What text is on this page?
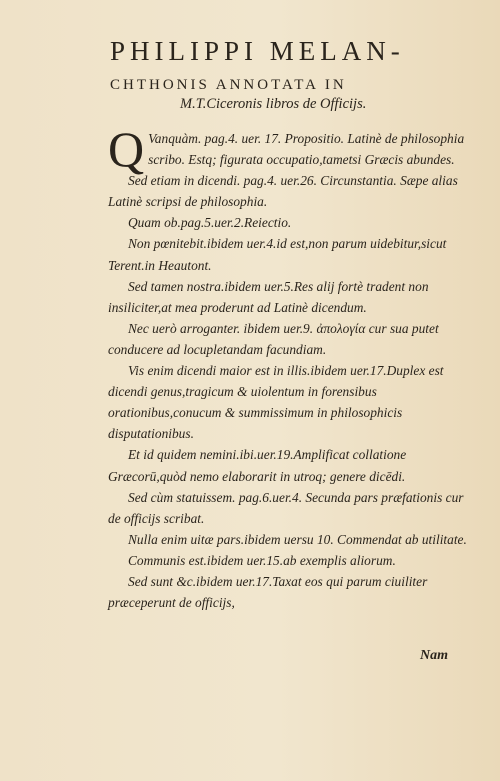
PHILIPPI MELAN-
CHTHONIS ANNOTATA IN
M.T.Ciceronis libros de Officijs.

Q Vanquàm. pag.4. uer. 17. Propositio. Latinè de philosophia scribo. Estq; figurata occupatio,tametsi Græcis abundes.

Sed etiam in dicendi. pag.4. uer.26. Circunstantia. Sæpe alias Latinè scripsi de philosophia.

Quam ob.pag.5.uer.2.Reiectio.

Non pœnitebit.ibidem uer.4.id est,non parum uidebitur,sicut Terent.in Heautont.

Sed tamen nostra.ibidem uer.5.Res alij fortè tradent non insiliciter,at mea proderunt ad Latinè dicendum.

Nec uerò arroganter. ibidem uer.9. ἀπολογία cur sua putet conducere ad locupletandam facundiam.

Vis enim dicendi maior est in illis.ibidem uer.17.Duplex est dicendi genus,tragicum & uiolentum in forensibus orationibus,conucum & summissimum in philosophicis disputationibus.

Et id quidem nemini.ibi.uer.19.Amplificat collatione Græcorū,quòd nemo elaborarit in utroq; genere dicēdi.

Sed cùm statuissem. pag.6.uer.4. Secunda pars præfationis cur de officijs scribat.

Nulla enim uitæ pars.ibidem uersu 10. Commendat ab utilitate.

Communis est.ibidem uer.15.ab exemplis aliorum.

Sed sunt &c.ibidem uer.17.Taxat eos qui parum ciuiliter præceperunt de officijs,

Nam
